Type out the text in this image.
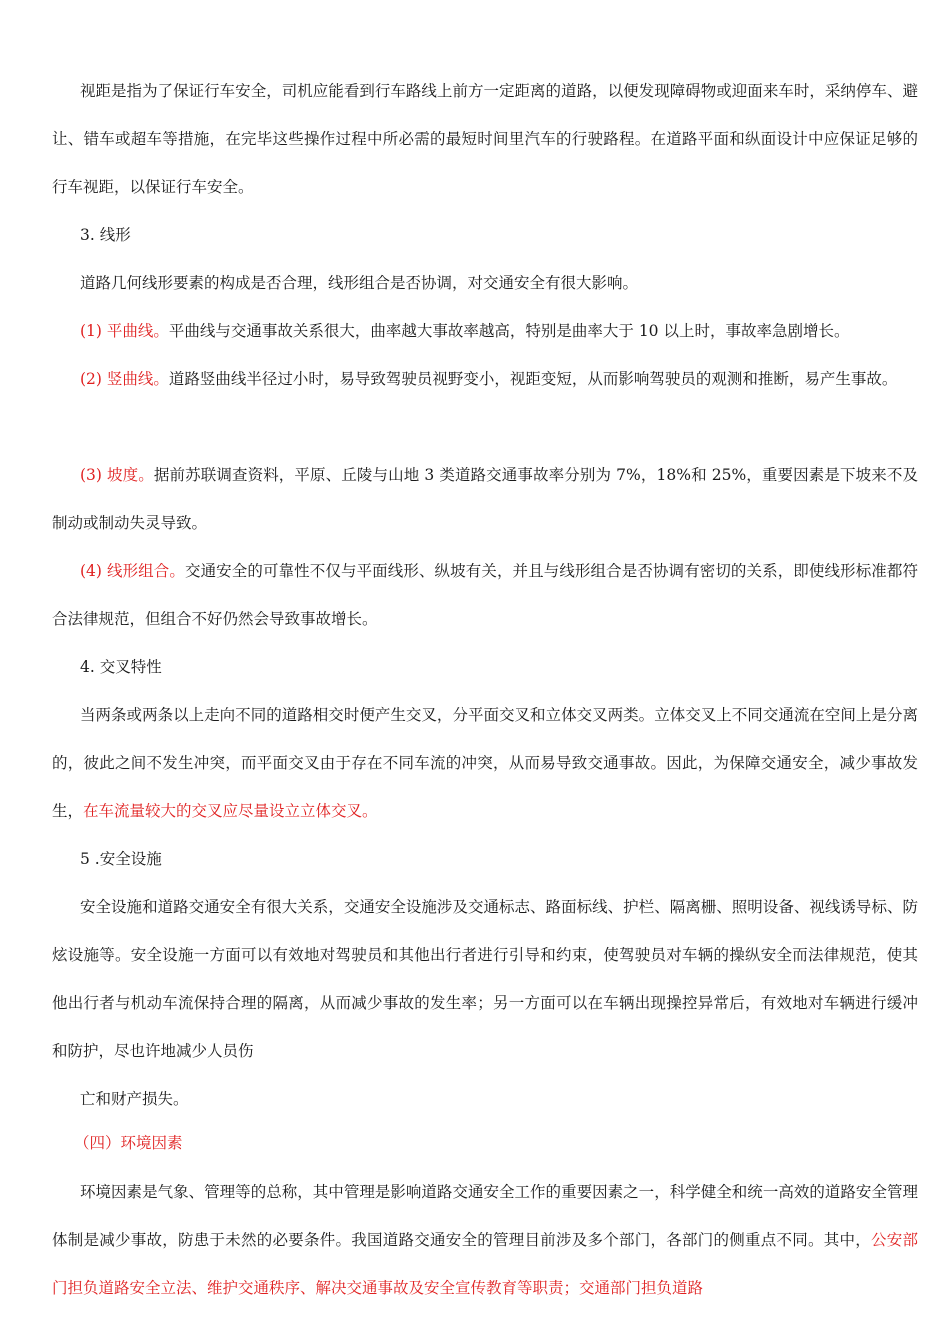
视距是指为了保证行车安全，司机应能看到行车路线上前方一定距离的道路，以便发现障碍物或迎面来车时，采纳停车、避让、错车或超车等措施，在完毕这些操作过程中所必需的最短时间里汽车的行驶路程。在道路平面和纵面设计中应保证足够的行车视距，以保证行车安全。

3. 线形

道路几何线形要素的构成是否合理，线形组合是否协调，对交通安全有很大影响。

(1) 平曲线。平曲线与交通事故关系很大，曲率越大事故率越高，特别是曲率大于 10 以上时，事故率急剧增长。

(2) 竖曲线。道路竖曲线半径过小时，易导致驾驶员视野变小，视距变短，从而影响驾驶员的观测和推断，易产生事故。

(3) 坡度。据前苏联调查资料，平原、丘陵与山地 3 类道路交通事故率分别为 7%，18%和 25%，重要因素是下坡来不及制动或制动失灵导致。

(4) 线形组合。交通安全的可靠性不仅与平面线形、纵坡有关，并且与线形组合是否协调有密切的关系，即使线形标准都符合法律规范，但组合不好仍然会导致事故增长。

4. 交叉特性

当两条或两条以上走向不同的道路相交时便产生交叉，分平面交叉和立体交叉两类。立体交叉上不同交通流在空间上是分离的，彼此之间不发生冲突，而平面交叉由于存在不同车流的冲突，从而易导致交通事故。因此，为保障交通安全，减少事故发生，在车流量较大的交叉应尽量设立立体交叉。

5 .安全设施

安全设施和道路交通安全有很大关系，交通安全设施涉及交通标志、路面标线、护栏、隔离栅、照明设备、视线诱导标、防炫设施等。安全设施一方面可以有效地对驾驶员和其他出行者进行引导和约束，使驾驶员对车辆的操纵安全而法律规范，使其他出行者与机动车流保持合理的隔离，从而减少事故的发生率；另一方面可以在车辆出现操控异常后，有效地对车辆进行缓冲和防护，尽也许地减少人员伤

亡和财产损失。

（四）环境因素

环境因素是气象、管理等的总称，其中管理是影响道路交通安全工作的重要因素之一，科学健全和统一高效的道路安全管理体制是减少事故，防患于未然的必要条件。我国道路交通安全的管理目前涉及多个部门，各部门的侧重点不同。其中，公安部门担负道路安全立法、维护交通秩序、解决交通事故及安全宣传教育等职责；交通部门担负道路
